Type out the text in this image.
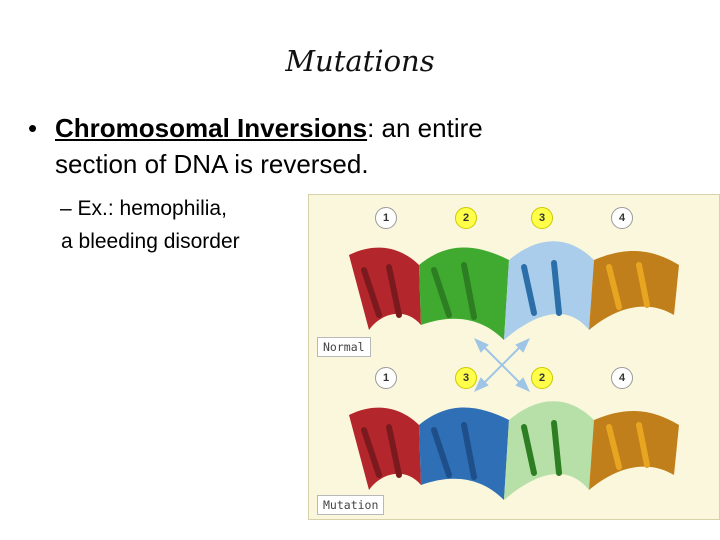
Mutations
• Chromosomal Inversions: an entire
section of DNA is reversed.
– Ex.: hemophilia,
a bleeding disorder
1	2	3	4
Normal
1	3	2	4
Mutation
